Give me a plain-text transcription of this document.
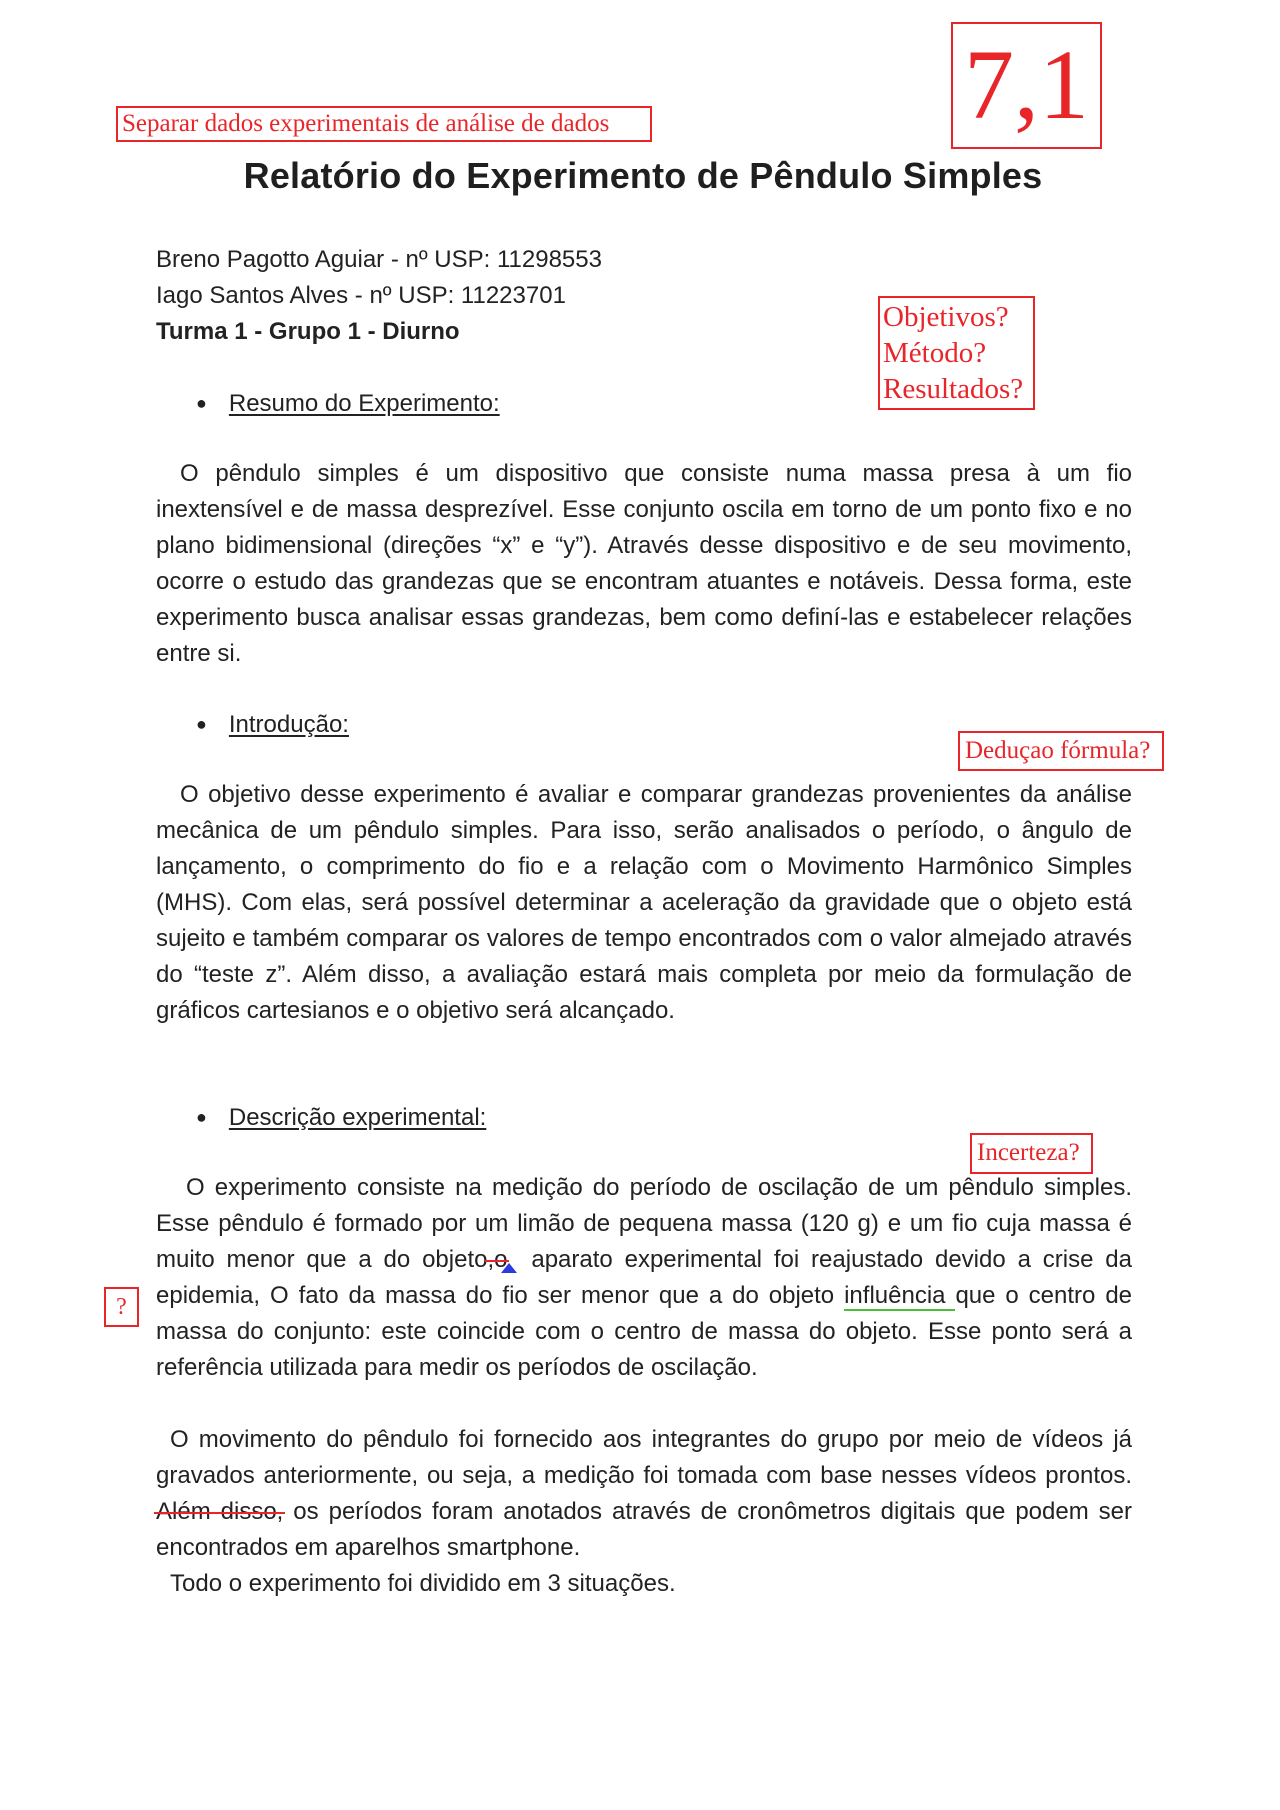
Separar dados experimentais de análise de dados	7,1
Relatório do Experimento de Pêndulo Simples
Breno Pagotto Aguiar - nº USP: 11298553
Iago Santos Alves - nº USP: 11223701
Turma 1 - Grupo 1 - Diurno	Objetivos?
Método?
Resultados?
● Resumo do Experimento:

O pêndulo simples é um dispositivo que consiste numa massa presa à um fio inextensível e de massa desprezível. Esse conjunto oscila em torno de um ponto fixo e no plano bidimensional (direções “x” e “y”). Através desse dispositivo e de seu movimento, ocorre o estudo das grandezas que se encontram atuantes e notáveis. Dessa forma, este experimento busca analisar essas grandezas, bem como definí-las e estabelecer relações entre si.

● Introdução:
Deduçao fórmula?

O objetivo desse experimento é avaliar e comparar grandezas provenientes da análise mecânica de um pêndulo simples. Para isso, serão analisados o período, o ângulo de lançamento, o comprimento do fio e a relação com o Movimento Harmônico Simples (MHS). Com elas, será possível determinar a aceleração da gravidade que o objeto está sujeito e também comparar os valores de tempo encontrados com o valor almejado através do “teste z”. Além disso, a avaliação estará mais completa por meio da formulação de gráficos cartesianos e o objetivo será alcançado.

● Descrição experimental:
Incerteza?
?

O experimento consiste na medição do período de oscilação de um pêndulo simples. Esse pêndulo é formado por um limão de pequena massa (120 g) e um fio cuja massa é muito menor que a do objeto,o aparato experimental foi reajustado devido a crise da epidemia, O fato da massa do fio ser menor que a do objeto influência que o centro de massa do conjunto: este coincide com o centro de massa do objeto. Esse ponto será a referência utilizada para medir os períodos de oscilação.

O movimento do pêndulo foi fornecido aos integrantes do grupo por meio de vídeos já gravados anteriormente, ou seja, a medição foi tomada com base nesses vídeos prontos. Além disso, os períodos foram anotados através de cronômetros digitais que podem ser encontrados em aparelhos smartphone.

Todo o experimento foi dividido em 3 situações.
